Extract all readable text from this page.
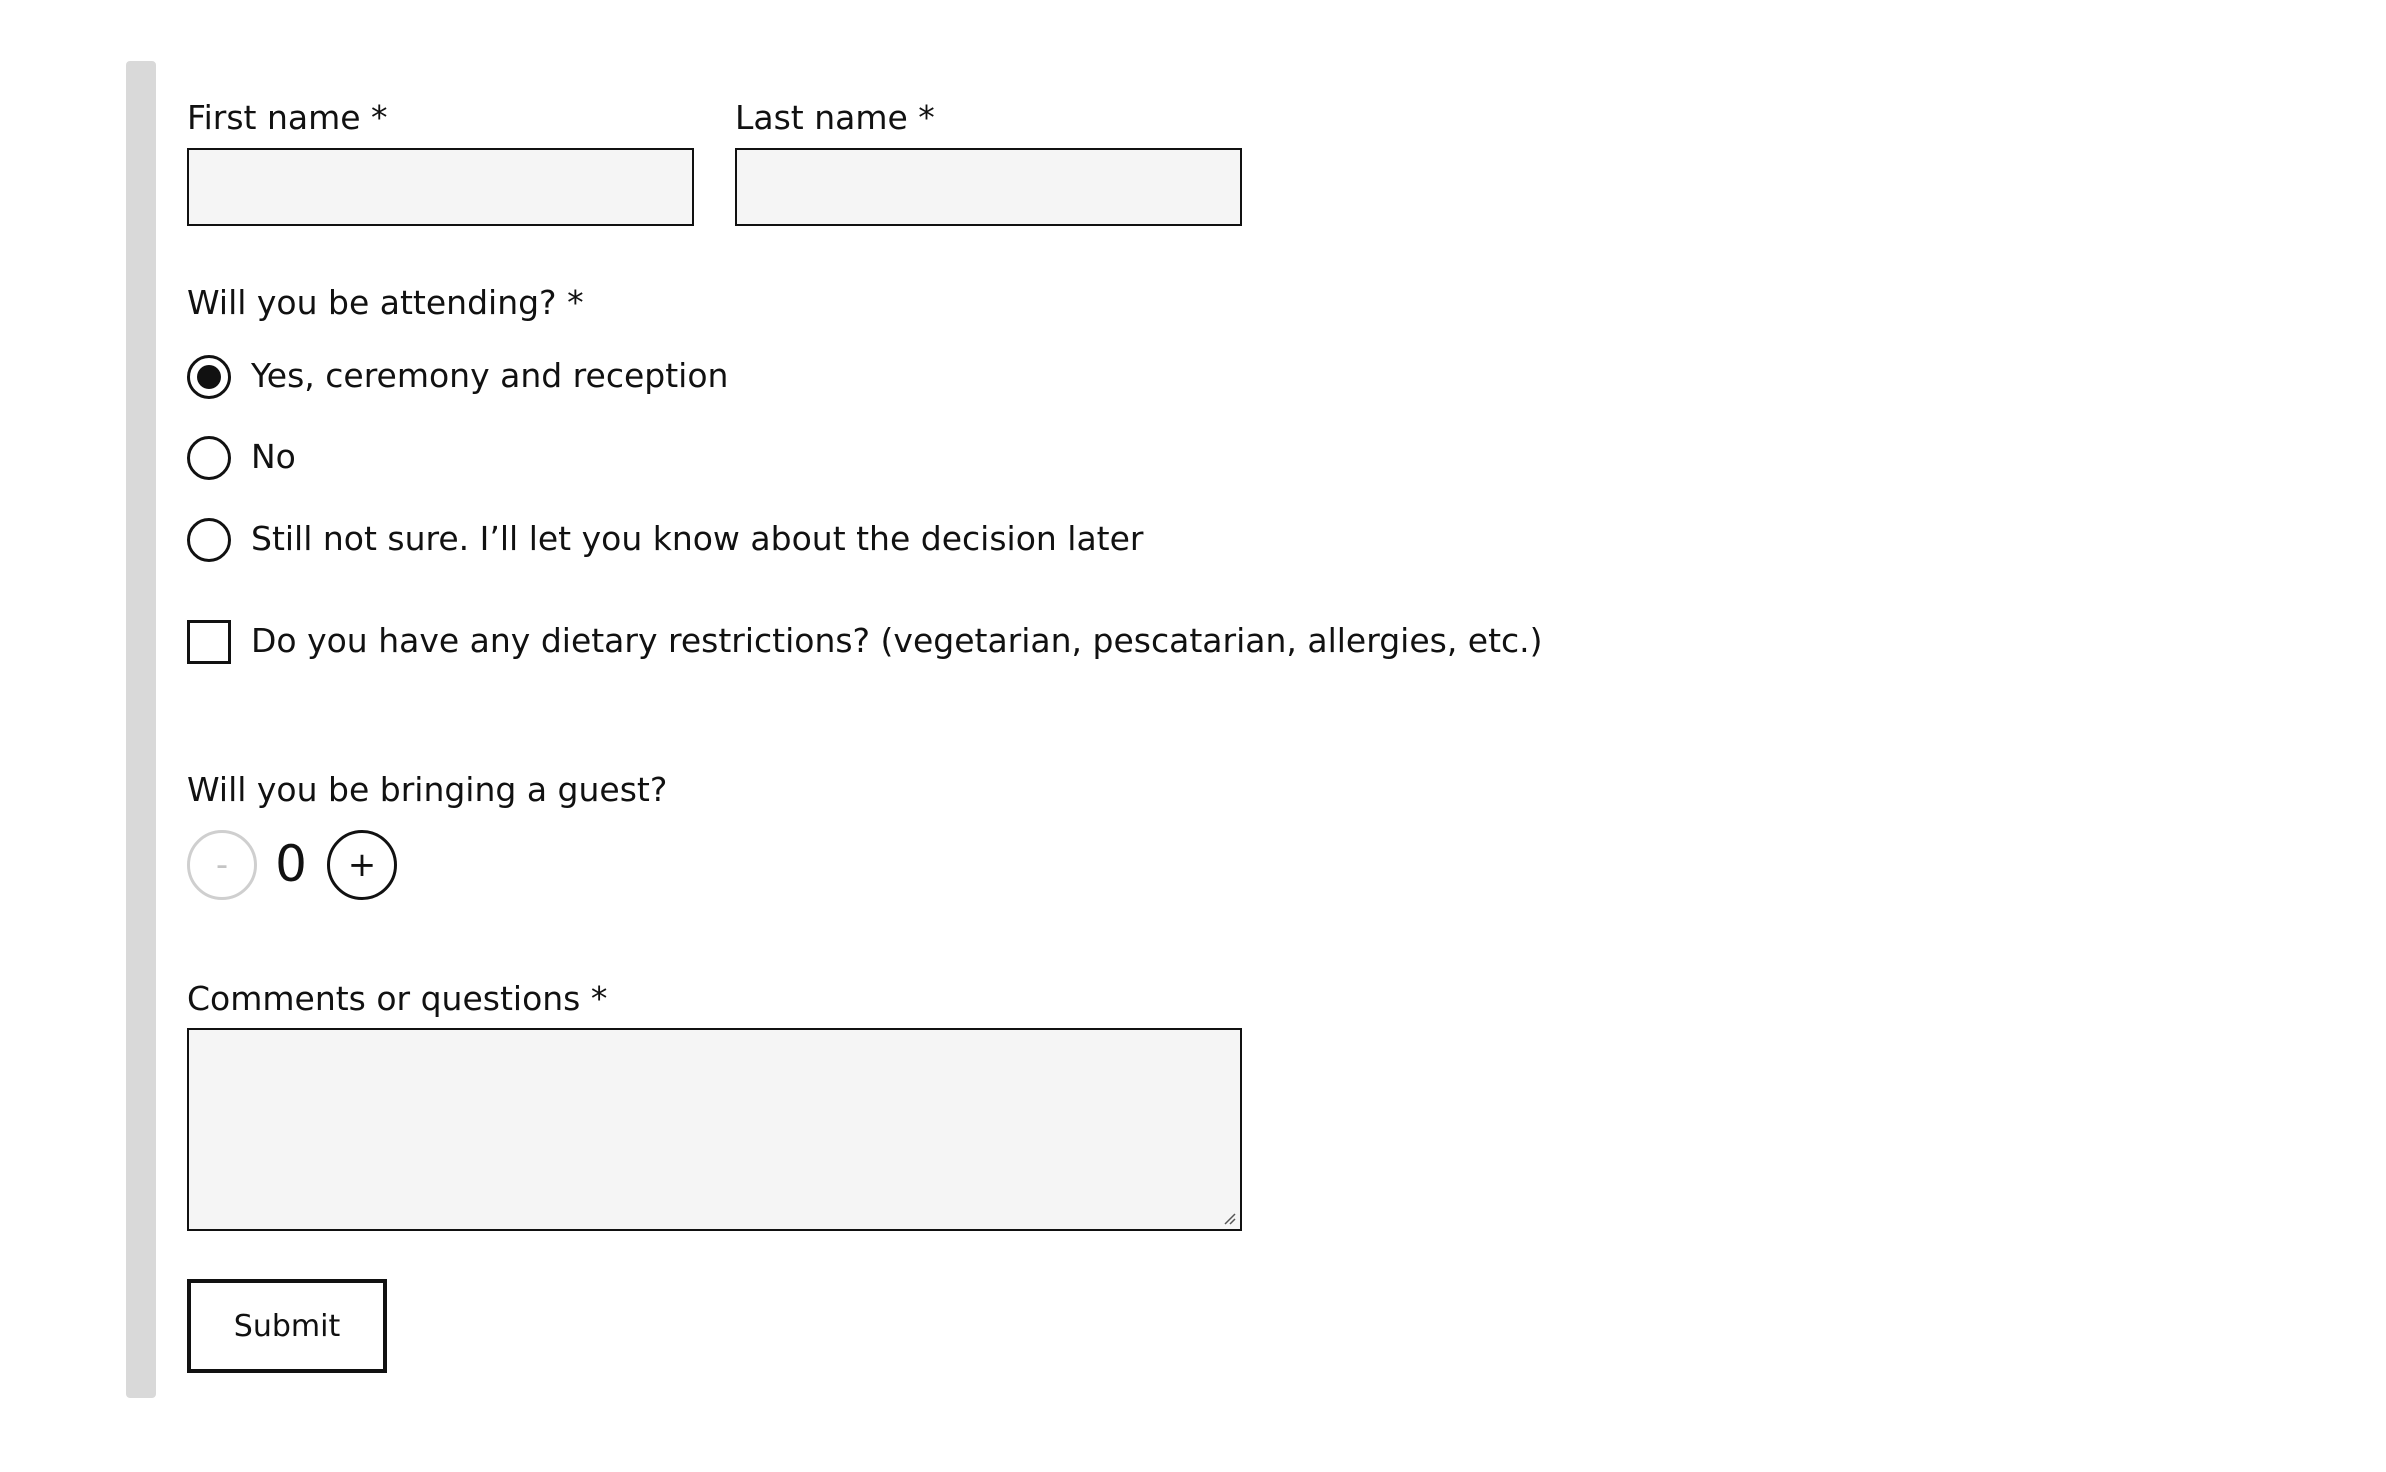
First name *	Last name *
Will you be attending? *
Yes, ceremony and reception
No
Still not sure. I’ll let you know about the decision later
Do you have any dietary restrictions? (vegetarian, pescatarian, allergies, etc.)
Will you be bringing a guest?
- 0	+
Comments or questions *
Submit
